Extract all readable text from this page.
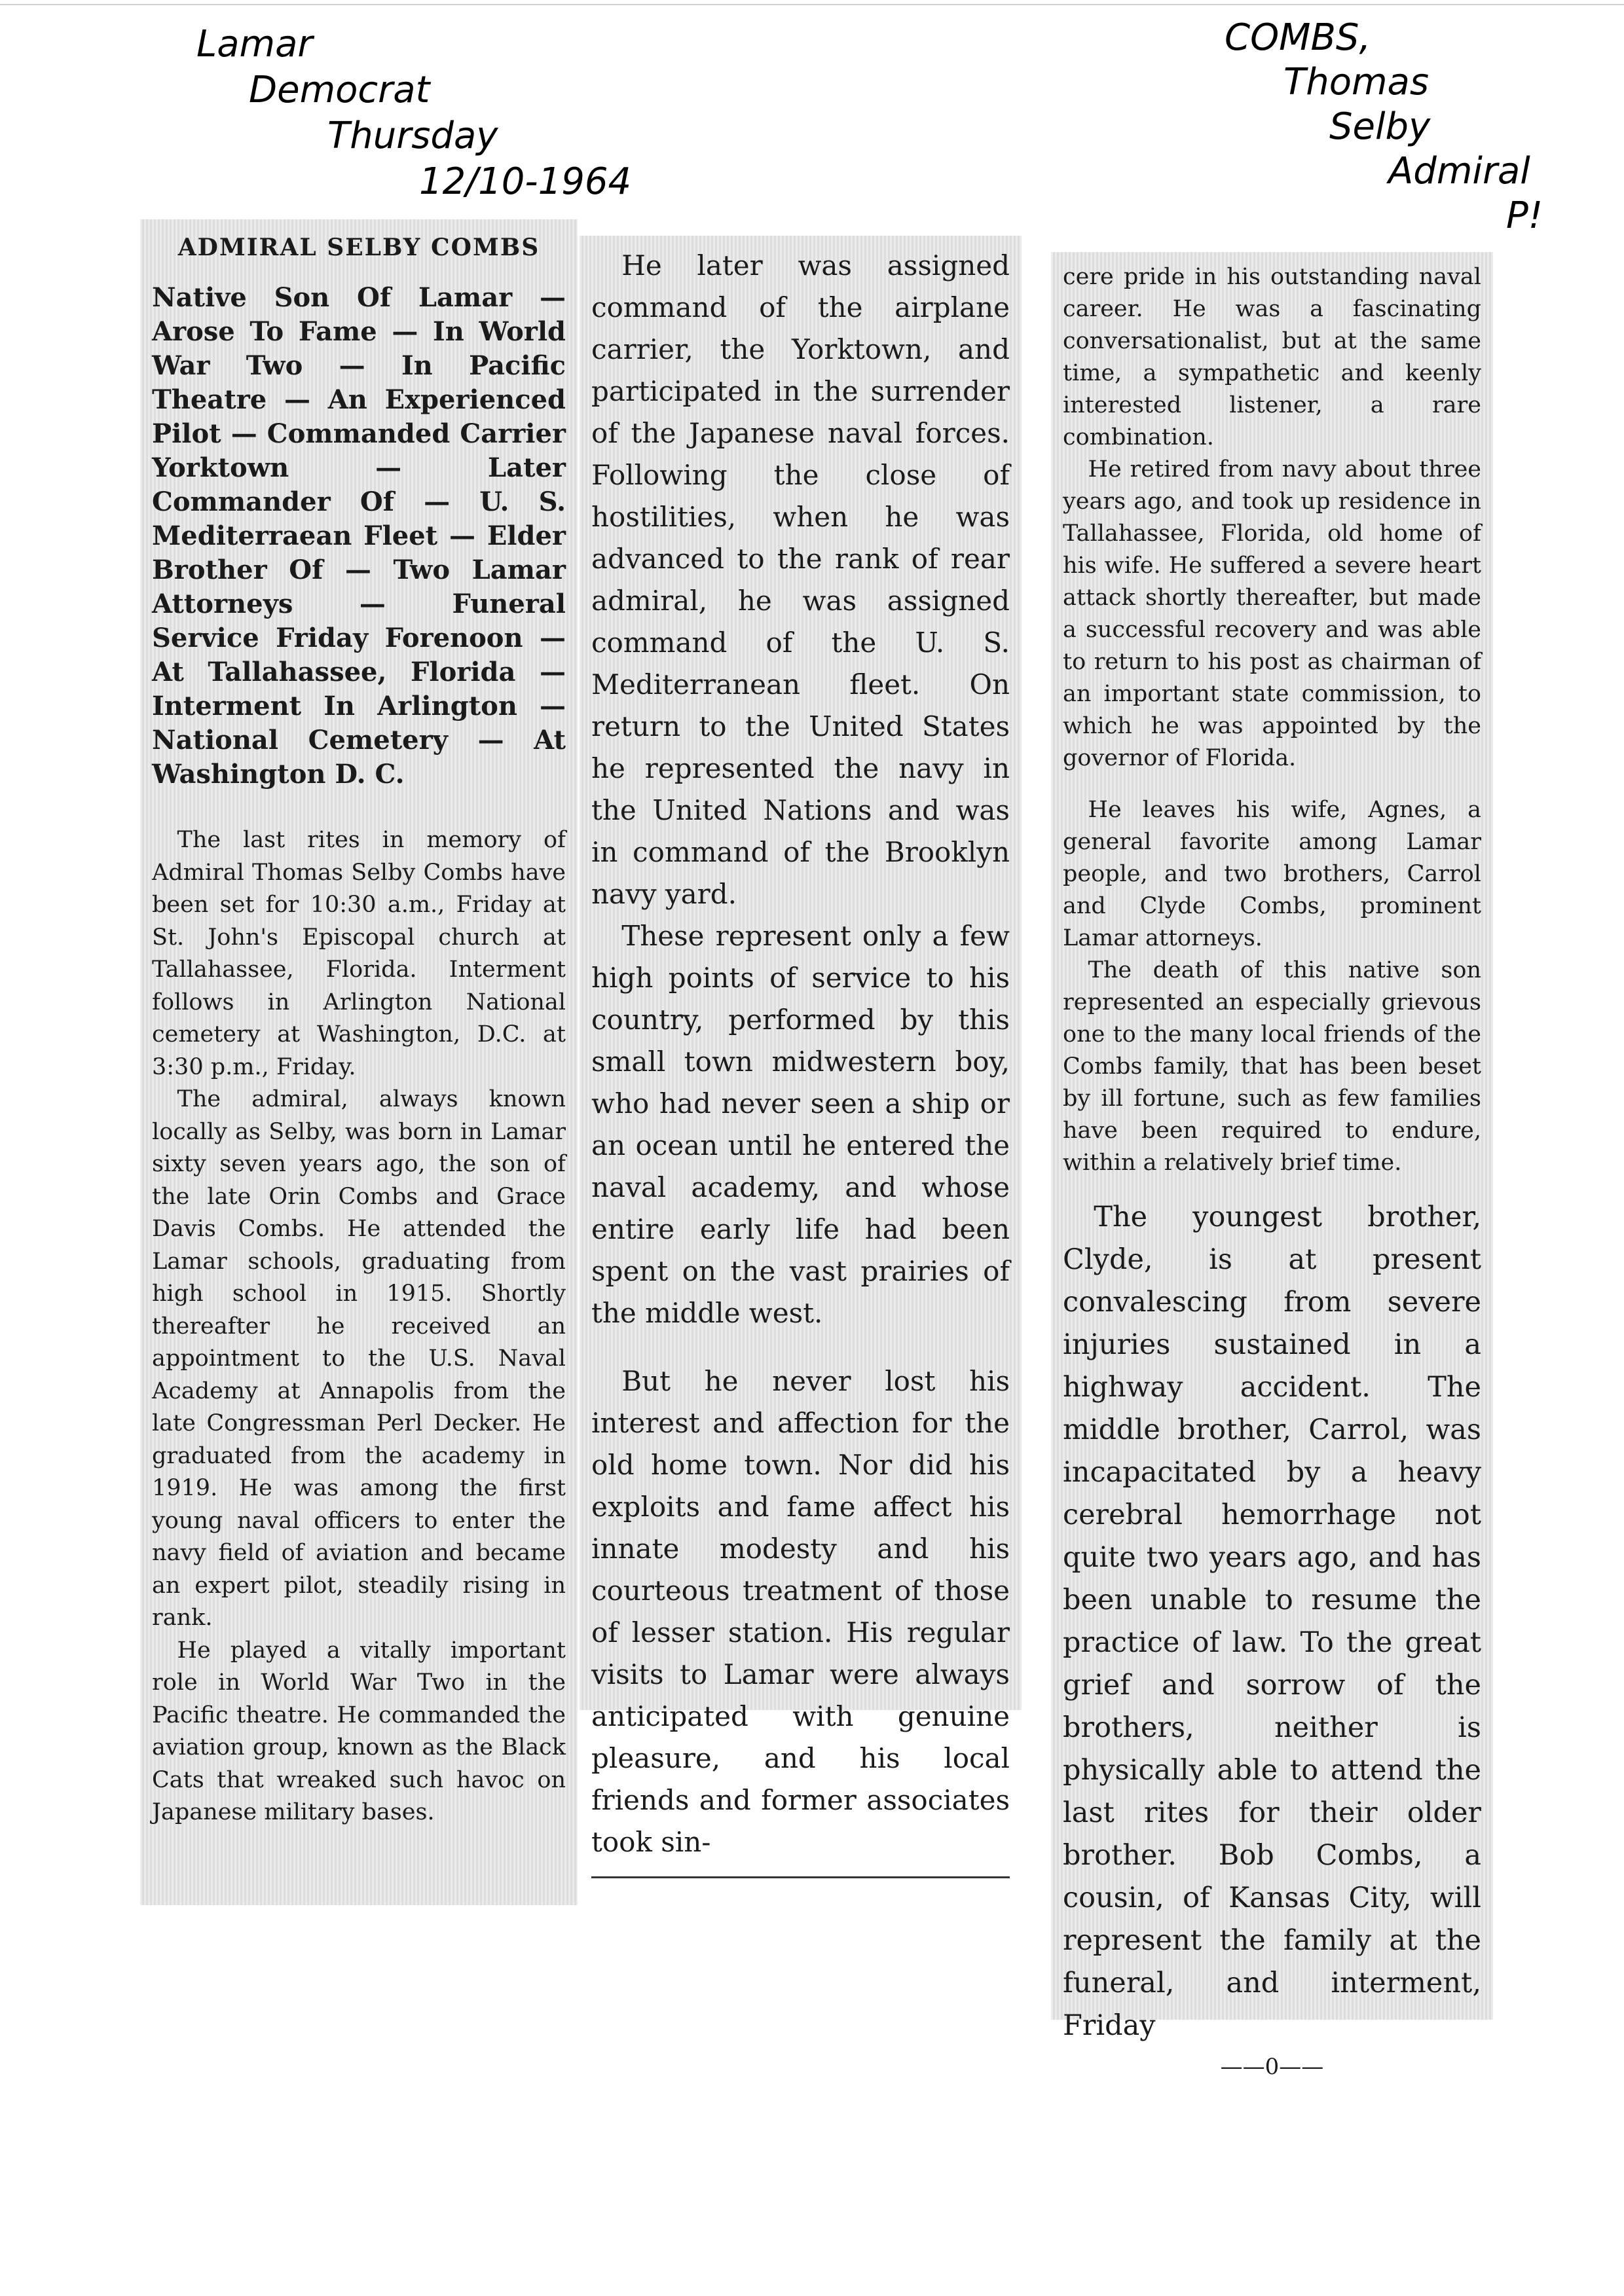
Lamar
Democrat
Thursday
12/10-1964
COMBS,
Thomas
Selby
Admiral
P!
ADMIRAL SELBY COMBS
Native Son Of Lamar — Arose To Fame — In World War Two — In Pacific Theatre — An Experienced Pilot — Commanded Carrier Yorktown — Later Commander Of — U. S. Mediterraean Fleet — Elder Brother Of — Two Lamar Attorneys — Funeral Service Friday Forenoon — At Tallahassee, Florida — Interment In Arlington — National Cemetery — At Washington D. C.

The last rites in memory of Admiral Thomas Selby Combs have been set for 10:30 a.m., Friday at St. John's Episcopal church at Tallahassee, Florida. Interment follows in Arlington National cemetery at Washington, D.C. at 3:30 p.m., Friday.

The admiral, always known locally as Selby, was born in Lamar sixty seven years ago, the son of the late Orin Combs and Grace Davis Combs. He attended the Lamar schools, graduating from high school in 1915. Shortly thereafter he received an appointment to the U.S. Naval Academy at Annapolis from the late Congressman Perl Decker. He graduated from the academy in 1919. He was among the first young naval officers to enter the navy field of aviation and became an expert pilot, steadily rising in rank.

He played a vitally important role in World War Two in the Pacific theatre. He commanded the aviation group, known as the Black Cats that wreaked such havoc on Japanese military bases.

He later was assigned command of the airplane carrier, the Yorktown, and participated in the surrender of the Japanese naval forces. Following the close of hostilities, when he was advanced to the rank of rear admiral, he was assigned command of the U. S. Mediterranean fleet. On return to the United States he represented the navy in the United Nations and was in command of the Brooklyn navy yard.

These represent only a few high points of service to his country, performed by this small town midwestern boy, who had never seen a ship or an ocean until he entered the naval academy, and whose entire early life had been spent on the vast prairies of the middle west.

But he never lost his interest and affection for the old home town. Nor did his exploits and fame affect his innate modesty and his courteous treatment of those of lesser station. His regular visits to Lamar were always anticipated with genuine pleasure, and his local friends and former associates took sin-

cere pride in his outstanding naval career. He was a fascinating conversationalist, but at the same time, a sympathetic and keenly interested listener, a rare combination.

He retired from navy about three years ago, and took up residence in Tallahassee, Florida, old home of his wife. He suffered a severe heart attack shortly thereafter, but made a successful recovery and was able to return to his post as chairman of an important state commission, to which he was appointed by the governor of Florida.

He leaves his wife, Agnes, a general favorite among Lamar people, and two brothers, Carrol and Clyde Combs, prominent Lamar attorneys.

The death of this native son represented an especially grievous one to the many local friends of the Combs family, that has been beset by ill fortune, such as few families have been required to endure, within a relatively brief time.

The youngest brother, Clyde, is at present convalescing from severe injuries sustained in a highway accident. The middle brother, Carrol, was incapacitated by a heavy cerebral hemorrhage not quite two years ago, and has been unable to resume the practice of law. To the great grief and sorrow of the brothers, neither is physically able to attend the last rites for their older brother. Bob Combs, a cousin, of Kansas City, will represent the family at the funeral, and interment, Friday

——0——
